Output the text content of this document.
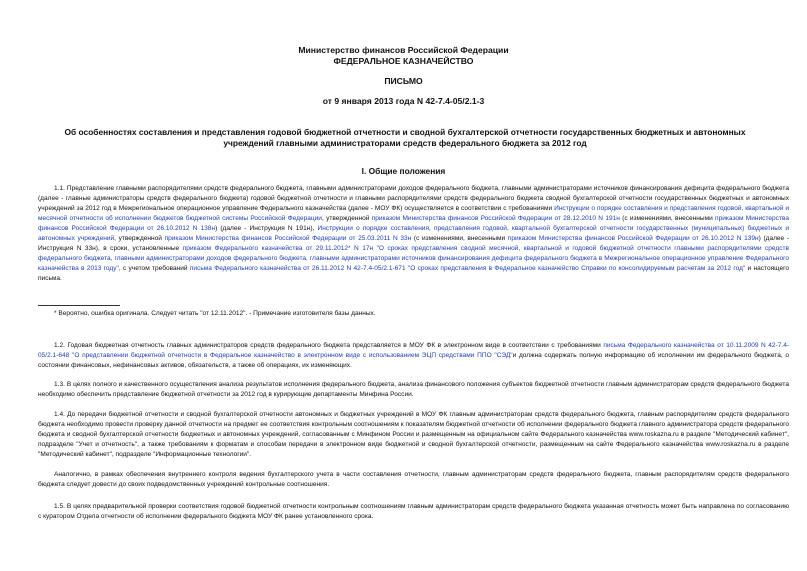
Министерство финансов Российской Федерации
ФЕДЕРАЛЬНОЕ КАЗНАЧЕЙСТВО
ПИСЬМО
от 9 января 2013 года N 42-7.4-05/2.1-3
Об особенностях составления и представления годовой бюджетной отчетности и сводной бухгалтерской отчетности государственных бюджетных и автономных
учреждений главными администраторами средств федерального бюджета за 2012 год
I. Общие положения

1.1. Представление главными распорядителями средств федерального бюджета, главными администраторами доходов федерального бюджета, главными администраторами источников финансирования дефицита федерального бюджета (далее - главные администраторы средств федерального бюджета) годовой бюджетной отчетности и главными распорядителями средств федерального бюджета сводной бухгалтерской отчетности государственных бюджетных и автономных учреждений за 2012 год в Межрегиональное операционное управление Федерального казначейства (далее - МОУ ФК) осуществляется в соответствии с требованиями Инструкции о порядке составления и представления годовой, квартальной и месячной отчетности об исполнении бюджетов бюджетной системы Российской Федерации, утвержденной приказом Министерства финансов Российской Федерации от 28.12.2010 N 191н (с изменениями, внесенными приказом Министерства финансов Российской Федерации от 26.10.2012 N 138н) (далее - Инструкция N 191н), Инструкции о порядке составления, представления годовой, квартальной бухгалтерской отчетности государственных (муниципальных) бюджетных и автономных учреждений, утвержденной приказом Министерства финансов Российской Федерации от 25.03.2011 N 33н (с изменениями, внесенными приказом Министерства финансов Российской Федерации от 26.10.2012 N 139н) (далее - Инструкция N 33н), в сроки, установленные приказом Федерального казначейства от 29.11.2012* N 17н "О сроках представления сводной месячной, квартальной и годовой бюджетной отчетности главными распорядителями средств федерального бюджета, главными администраторами доходов федерального бюджета, главными администраторами источников финансирования дефицита федерального бюджета в Межрегиональное операционное управление Федерального казначейства в 2013 году", с учетом требований письма Федерального казначейства от 26.11.2012 N 42-7.4-05/2.1-671 "О сроках представления в Федеральное казначейство Справки по консолидируемым расчетам за 2012 год" и настоящего письма.

* Вероятно, ошибка оригинала. Следует читать "от 12.11.2012". - Примечание изготовителя базы данных.

1.2. Годовая бюджетная отчетность главных администраторов средств федерального бюджета представляется в МОУ ФК в электронном виде в соответствии с требованиями письма Федерального казначейства от 10.11.2009 N 42-7.4-05/2.1-648 "О представлении бюджетной отчетности в Федеральное казначейство в электронном виде с использованием ЭЦП средствами ППО "СЭД"и должна содержать полную информацию об исполнении им федерального бюджета, о состоянии финансовых, нефинансовых активов, обязательств, а также об операциях, их изменяющих.

1.3. В целях полного и качественного осуществления анализа результатов исполнения федерального бюджета, анализа финансового положения субъектов бюджетной отчетности главным администраторам средств федерального бюджета необходимо обеспечить представление бюджетной отчетности за 2012 год в курирующие департаменты Минфина России.

1.4. До передачи бюджетной отчетности и сводной бухгалтерской отчетности автономных и бюджетных учреждений в МОУ ФК главным администраторам средств федерального бюджета, главным распорядителям средств федерального бюджета необходимо провести проверку данной отчетности на предмет ее соответствия контрольным соотношениям к показателям бюджетной отчетности об исполнении федерального бюджета главного администратора средств федерального бюджета и сводной бухгалтерской отчетности бюджетных и автономных учреждений, согласованным с Минфином России и размещенным на официальном сайте Федерального казначейства www.roskazna.ru в разделе "Методический кабинет", подразделе "Учет и отчетность", а также требованиям к форматам и способам передачи в электронном виде бюджетной и сводной бухгалтерской отчетности, размещенным на сайте Федерального казначейства www.roskazna.ru в разделе "Методический кабинет", подразделе "Информационные технологии".

Аналогично, в рамках обеспечения внутреннего контроля ведения бухгалтерского учета в части составления отчетности, главным администраторам средств федерального бюджета, главным распорядителям средств федерального бюджета следует довести до своих подведомственных учреждений контрольные соотношения.

1.5. В целях предварительной проверки соответствия годовой бюджетной отчетности контрольным соотношениям главным администраторам средств федерального бюджета указанная отчетность может быть направлена по согласованию с куратором Отдела отчетности об исполнении федерального бюджета МОУ ФК ранее установленного срока.
